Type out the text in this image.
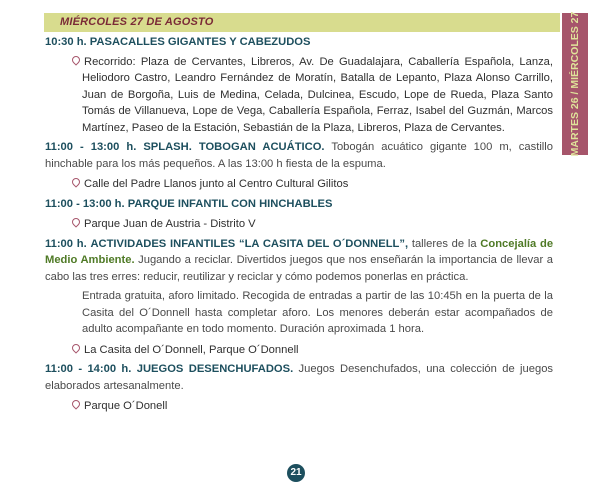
MIÉRCOLES 27 DE AGOSTO	MARTES 26 / MIÉRCOLES 27
10:30 h. PASACALLES GIGANTES Y CABEZUDOS
Recorrido: Plaza de Cervantes, Libreros, Av. De Guadalajara, Caballería Española, Lanza, Heliodoro Castro, Leandro Fernández de Moratín, Batalla de Lepanto, Plaza Alonso Carrillo, Juan de Borgoña, Luis de Medina, Celada, Dulcinea, Escudo, Lope de Rueda, Plaza Santo Tomás de Villanueva, Lope de Vega, Caballería Española, Ferraz, Isabel del Guzmán, Marcos Martínez, Paseo de la Estación, Sebastián de la Plaza, Libreros, Plaza de Cervantes.
11:00 - 13:00 h. SPLASH. TOBOGAN ACUÁTICO. Tobogán acuático gigante 100 m, castillo hinchable para los más pequeños. A las 13:00 h fiesta de la espuma.
Calle del Padre Llanos junto al Centro Cultural Gilitos
11:00 - 13:00 h. PARQUE INFANTIL CON HINCHABLES
Parque Juan de Austria - Distrito V
11:00 h. ACTIVIDADES INFANTILES “LA CASITA DEL O´DONNELL”, talleres de la Concejalía de Medio Ambiente. Jugando a reciclar. Divertidos juegos que nos enseñarán la importancia de llevar a cabo las tres erres: reducir, reutilizar y reciclar y cómo podemos ponerlas en práctica.
Entrada gratuita, aforo limitado. Recogida de entradas a partir de las 10:45h en la puerta de la Casita del O´Donnell hasta completar aforo. Los menores deberán estar acompañados de adulto acompañante en todo momento. Duración aproximada 1 hora.
La Casita del O´Donnell, Parque O´Donnell
11:00 - 14:00 h. JUEGOS DESENCHUFADOS. Juegos Desenchufados, una colección de juegos elaborados artesanalmente.
Parque O´Donell
21
